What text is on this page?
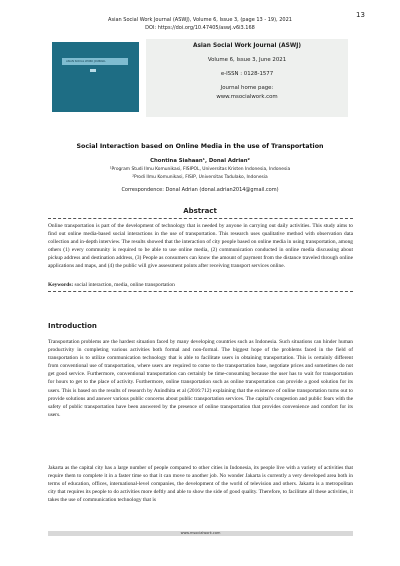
13
Asian Social Work Journal (ASWJ), Volume 6, Issue 3, (page 13 - 19), 2021
DOI: https://doi.org/10.47405/aswj.v6i3.168
ASIAN SOCIAL WORK JOURNAL
Asian Social Work Journal (ASWJ)
Volume 6, Issue 3, June 2021
e-ISSN : 0128-1577
Journal home page:
www.msocialwork.com
Social Interaction based on Online Media in the use of Transportation
Chontina Siahaan¹, Donal Adrian²
¹Program Studi Ilmu Komunikasi, FISIPOL, Universitas Kristen Indonesia, Indonesia
²Prodi Ilmu Komunikasi, FISIP, Universitas Tadulako, Indonesia
Correspondence: Donal Adrian (donal.adrian2014@gmail.com)
Abstract

Online transportation is part of the development of technology that is needed by anyone in carrying out daily activities. This study aims to find out online media-based social interactions in the use of transportation. This research uses qualitative method with observation data collection and in-depth interview. The results showed that the interaction of city people based on online media in using transportation, among others (1) every community is required to be able to use online media, (2) communication conducted in online media discussing about pickup address and destination address, (3) People as consumers can know the amount of payment from the distance traveled through online applications and maps, and (4) the public will give assessment points after receiving transport services online.

Keywords: social interaction, media, online transportation

Introduction

Transportation problems are the hardest situation faced by many developing countries such as Indonesia. Such situations can hinder human productivity in completing various activities both formal and non-formal. The biggest hope of the problems faced in the field of transportation is to utilize communication technology that is able to facilitate users in obtaining transportation. This is certainly different from conventional use of transportation, where users are required to come to the transportation base, negotiate prices and sometimes do not get good service. Furthermore, conventional transportation can certainly be time-consuming because the user has to wait for transportation for hours to get to the place of activity. Furthermore, online transportation such as online transportation can provide a good solution for its users. This is based on the results of research by Anindhita et al (2016:712) explaining that the existence of online transportation turns out to provide solutions and answer various public concerns about public transportation services. The capital's congestion and public fears with the safety of public transportation have been answered by the presence of online transportation that provides convenience and comfort for its users.

Jakarta as the capital city has a large number of people compared to other cities in Indonesia, its people live with a variety of activities that require them to complete it in a faster time so that it can move to another job. No wonder Jakarta is currently a very developed area both in terms of education, offices, international-level companies, the development of the world of television and others. Jakarta is a metropolitan city that requires its people to do activities more deftly and able to show the side of good quality. Therefore, to facilitate all these activities, it takes the use of communication technology that is

www.msocialwork.com
